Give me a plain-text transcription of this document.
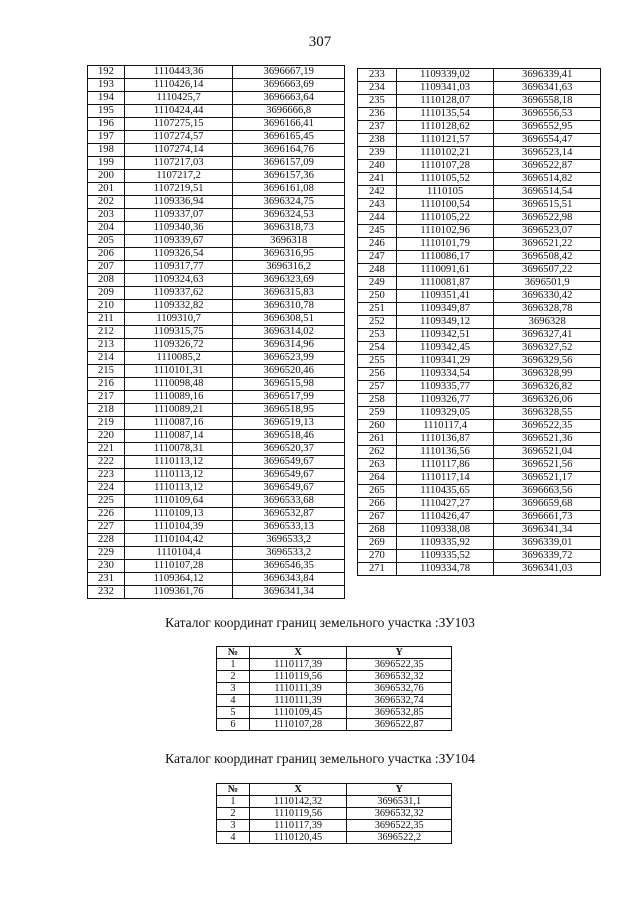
307
192	1110443,36	3696667,19
193	1110426,14	3696663,69
194	1110425,7	3696663,64
195	1110424,44	3696666,8
196	1107275,15	3696166,41
197	1107274,57	3696165,45
198	1107274,14	3696164,76
199	1107217,03	3696157,09
200	1107217,2	3696157,36
201	1107219,51	3696161,08
202	1109336,94	3696324,75
203	1109337,07	3696324,53
204	1109340,36	3696318,73
205	1109339,67	3696318
206	1109326,54	3696316,95
207	1109317,77	3696316,2
208	1109324,63	3696323,69
209	1109337,62	3696315,83
210	1109332,82	3696310,78
211	1109310,7	3696308,51
212	1109315,75	3696314,02
213	1109326,72	3696314,96
214	1110085,2	3696523,99
215	1110101,31	3696520,46
216	1110098,48	3696515,98
217	1110089,16	3696517,99
218	1110089,21	3696518,95
219	1110087,16	3696519,13
220	1110087,14	3696518,46
221	1110078,31	3696520,37
222	1110113,12	3696549,67
223	1110113,12	3696549,67
224	1110113,12	3696549,67
225	1110109,64	3696533,68
226	1110109,13	3696532,87
227	1110104,39	3696533,13
228	1110104,42	3696533,2
229	1110104,4	3696533,2
230	1110107,28	3696546,35
231	1109364,12	3696343,84
232	1109361,76	3696341,34
233	1109339,02	3696339,41
234	1109341,03	3696341,63
235	1110128,07	3696558,18
236	1110135,54	3696556,53
237	1110128,62	3696552,95
238	1110121,57	3696554,47
239	1110102,21	3696523,14
240	1110107,28	3696522,87
241	1110105,52	3696514,82
242	1110105	3696514,54
243	1110100,54	3696515,51
244	1110105,22	3696522,98
245	1110102,96	3696523,07
246	1110101,79	3696521,22
247	1110086,17	3696508,42
248	1110091,61	3696507,22
249	1110081,87	3696501,9
250	1109351,41	3696330,42
251	1109349,87	3696328,78
252	1109349,12	3696328
253	1109342,51	3696327,41
254	1109342,45	3696327,52
255	1109341,29	3696329,56
256	1109334,54	3696328,99
257	1109335,77	3696326,82
258	1109326,77	3696326,06
259	1109329,05	3696328,55
260	1110117,4	3696522,35
261	1110136,87	3696521,36
262	1110136,56	3696521,04
263	1110117,86	3696521,56
264	1110117,14	3696521,17
265	1110435,65	3696663,56
266	1110427,27	3696659,68
267	1110426,47	3696661,73
268	1109338,08	3696341,34
269	1109335,92	3696339,01
270	1109335,52	3696339,72
271	1109334,78	3696341,03
Каталог координат границ земельного участка :ЗУ103
№	X	Y
1	1110117,39	3696522,35
2	1110119,56	3696532,32
3	1110111,39	3696532,76
4	1110111,39	3696532,74
5	1110109,45	3696532,85
6	1110107,28	3696522,87
Каталог координат границ земельного участка :ЗУ104
№	X	Y
1	1110142,32	3696531,1
2	1110119,56	3696532,32
3	1110117,39	3696522,35
4	1110120,45	3696522,2
